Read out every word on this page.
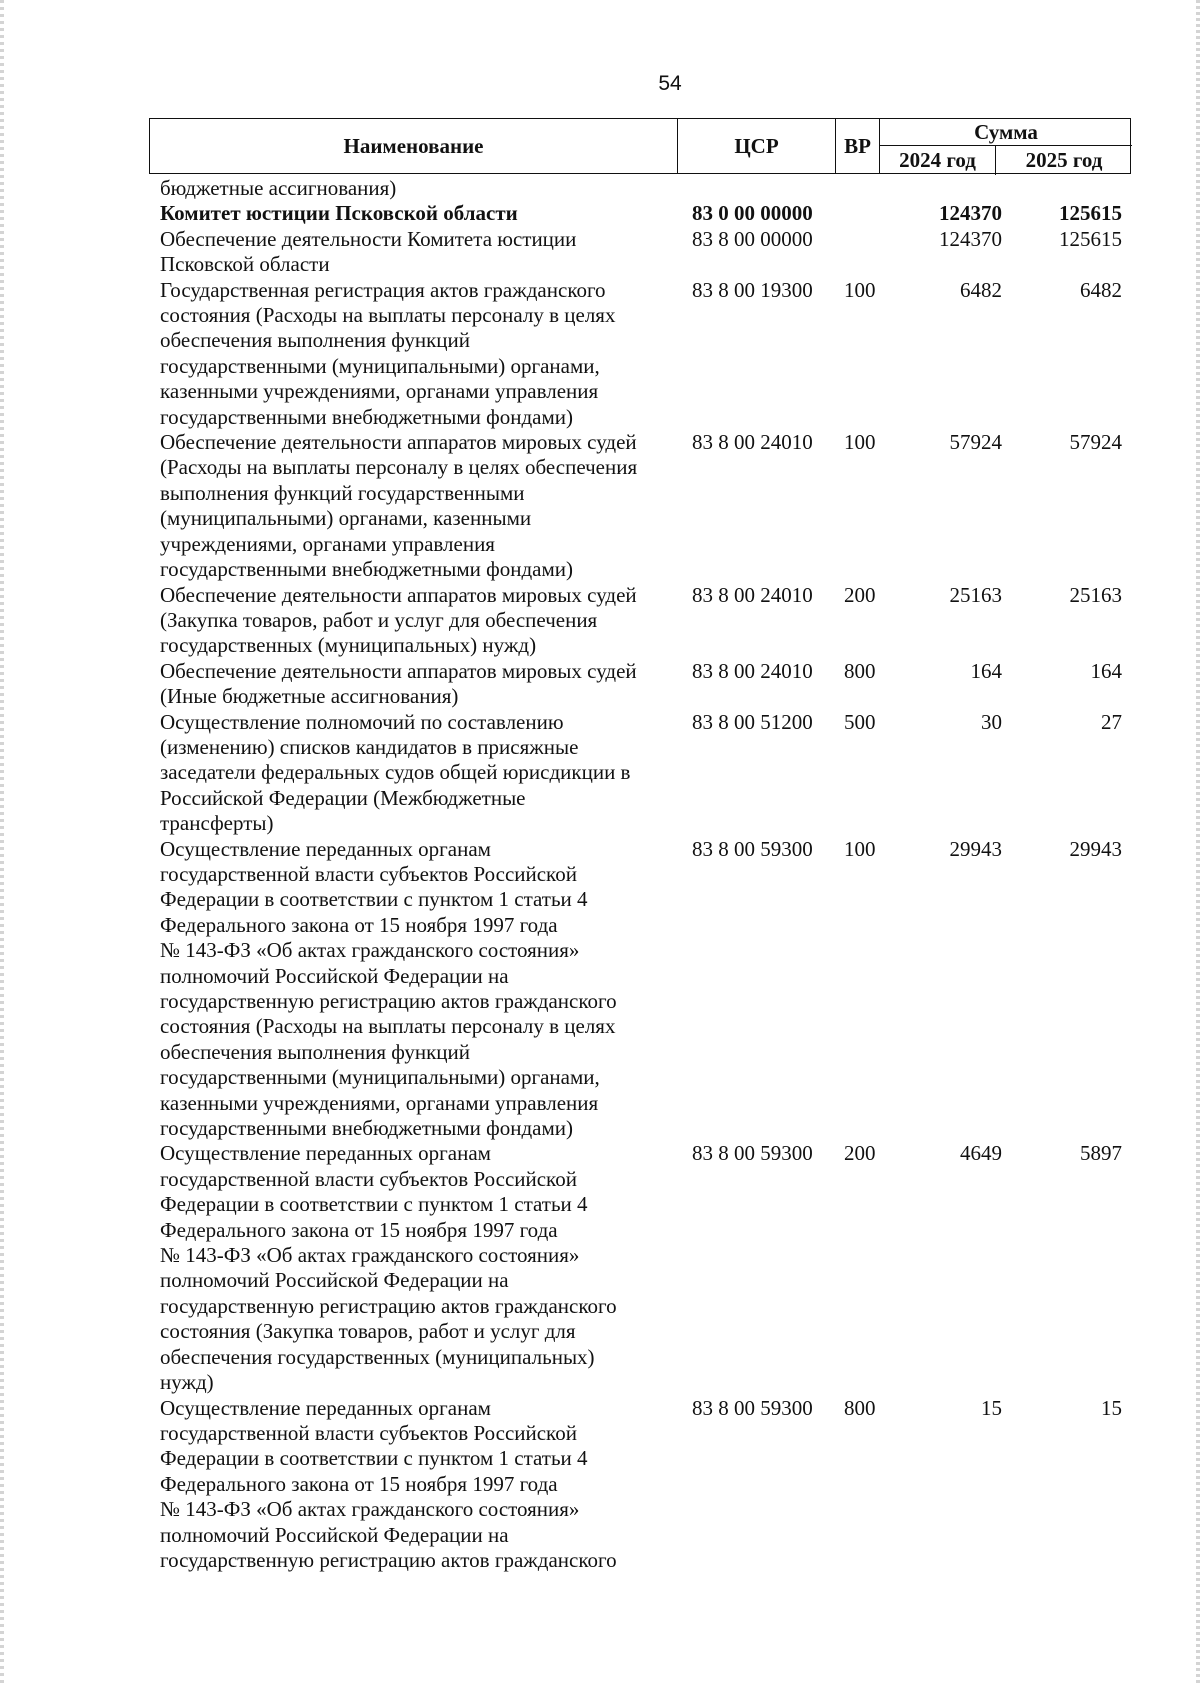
54
Наименование	ЦСР	ВР
Сумма
2024 год	2025 год
бюджетные ассигнования)
Комитет юстиции Псковской области	83 0 00 00000	124370	125615
Обеспечение деятельности Комитета юстиции
Псковской области
83 8 00 00000	124370	125615
Государственная регистрация актов гражданского
состояния (Расходы на выплаты персоналу в целях
обеспечения выполнения функций
государственными (муниципальными) органами,
казенными учреждениями, органами управления
государственными внебюджетными фондами)
83 8 00 19300 100	6482	6482
Обеспечение деятельности аппаратов мировых судей
(Расходы на выплаты персоналу в целях обеспечения
выполнения функций государственными
(муниципальными) органами, казенными
учреждениями, органами управления
государственными внебюджетными фондами)
83 8 00 24010 100	57924	57924
Обеспечение деятельности аппаратов мировых судей
(Закупка товаров, работ и услуг для обеспечения
государственных (муниципальных) нужд)
83 8 00 24010 200	25163	25163
Обеспечение деятельности аппаратов мировых судей
(Иные бюджетные ассигнования)
83 8 00 24010 800	164	164
Осуществление полномочий по составлению
(изменению) списков кандидатов в присяжные
заседатели федеральных судов общей юрисдикции в
Российской Федерации (Межбюджетные
трансферты)
83 8 00 51200 500	30	27
Осуществление переданных органам
государственной власти субъектов Российской
Федерации в соответствии с пунктом 1 статьи 4
Федерального закона от 15 ноября 1997 года
№ 143-ФЗ «Об актах гражданского состояния»
полномочий Российской Федерации на
государственную регистрацию актов гражданского
состояния (Расходы на выплаты персоналу в целях
обеспечения выполнения функций
государственными (муниципальными) органами,
казенными учреждениями, органами управления
государственными внебюджетными фондами)
83 8 00 59300 100	29943	29943
Осуществление переданных органам
государственной власти субъектов Российской
Федерации в соответствии с пунктом 1 статьи 4
Федерального закона от 15 ноября 1997 года
№ 143-ФЗ «Об актах гражданского состояния»
полномочий Российской Федерации на
государственную регистрацию актов гражданского
состояния (Закупка товаров, работ и услуг для
обеспечения государственных (муниципальных)
нужд)
83 8 00 59300 200	4649	5897
Осуществление переданных органам
государственной власти субъектов Российской
Федерации в соответствии с пунктом 1 статьи 4
Федерального закона от 15 ноября 1997 года
№ 143-ФЗ «Об актах гражданского состояния»
полномочий Российской Федерации на
государственную регистрацию актов гражданского
83 8 00 59300 800	15	15
